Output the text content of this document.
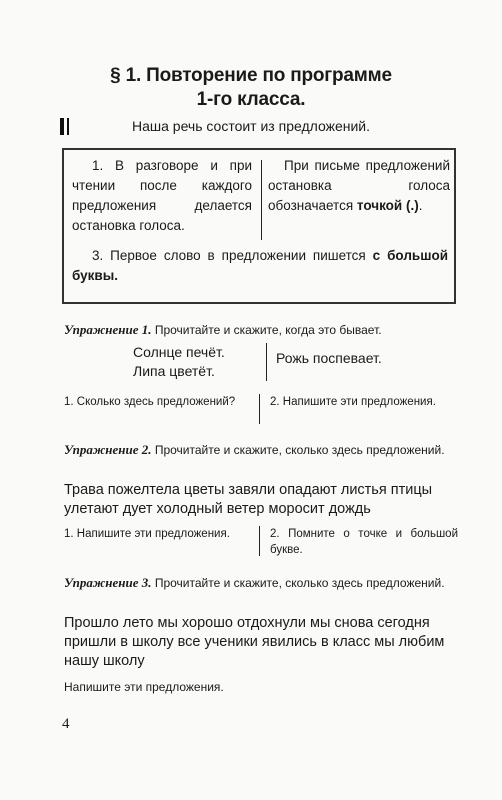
§ 1. Повторение по программе
1-го класса.
Наша речь состоит из предложений.
1. В разговоре и при чтении после каждого предложения делается остановка голоса.
При письме предложений остановка голоса обозначается точкой (.).
3. Первое слово в предложении пишется с большой буквы.
Упражнение 1. Прочитайте и скажите, когда это бывает.
Солнце печёт.
Липа цветёт.
Рожь поспевает.
1. Сколько здесь предложений?	2. Напишите эти предложения.
Упражнение 2. Прочитайте и скажите, сколько здесь предложений.
Трава пожелтела цветы завяли опадают листья птицы улетают дует холодный ветер моросит дождь
1. Напишите эти предложения.	2. Помните о точке и большой букве.
Упражнение 3. Прочитайте и скажите, сколько здесь предложений.
Прошло лето мы хорошо отдохнули мы снова сегодня пришли в школу все ученики явились в класс мы любим нашу школу
Напишите эти предложения.
4
